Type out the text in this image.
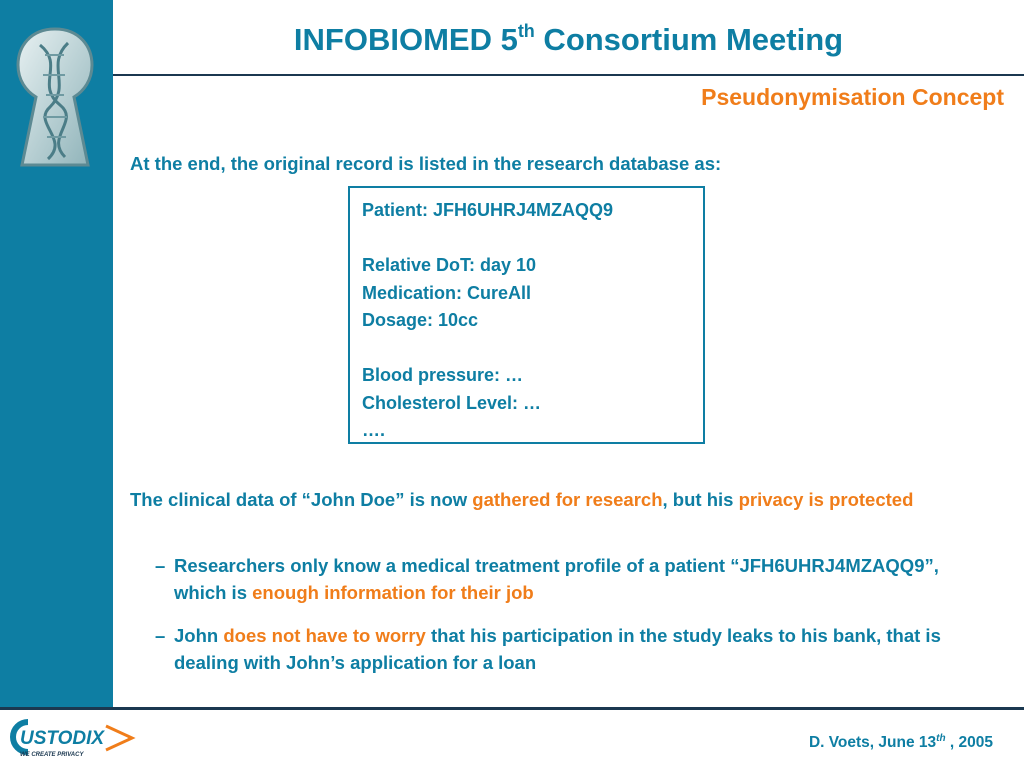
INFOBIOMED 5th Consortium Meeting
Pseudonymisation Concept
At the end, the original record is listed in the research database as:
Patient: JFH6UHRJ4MZAQQ9
Relative DoT: day 10
Medication: CureAll
Dosage: 10cc
Blood pressure: …
Cholesterol Level: …
….
The clinical data of “John Doe” is now gathered for research, but his privacy is protected
– Researchers only know a medical treatment profile of a patient “JFH6UHRJ4MZAQQ9”, which is enough information for their job
– John does not have to worry that his participation in the study leaks to his bank, that is dealing with John’s application for a loan
USTODIX
WE CREATE PRIVACY
D. Voets, June 13th , 2005
